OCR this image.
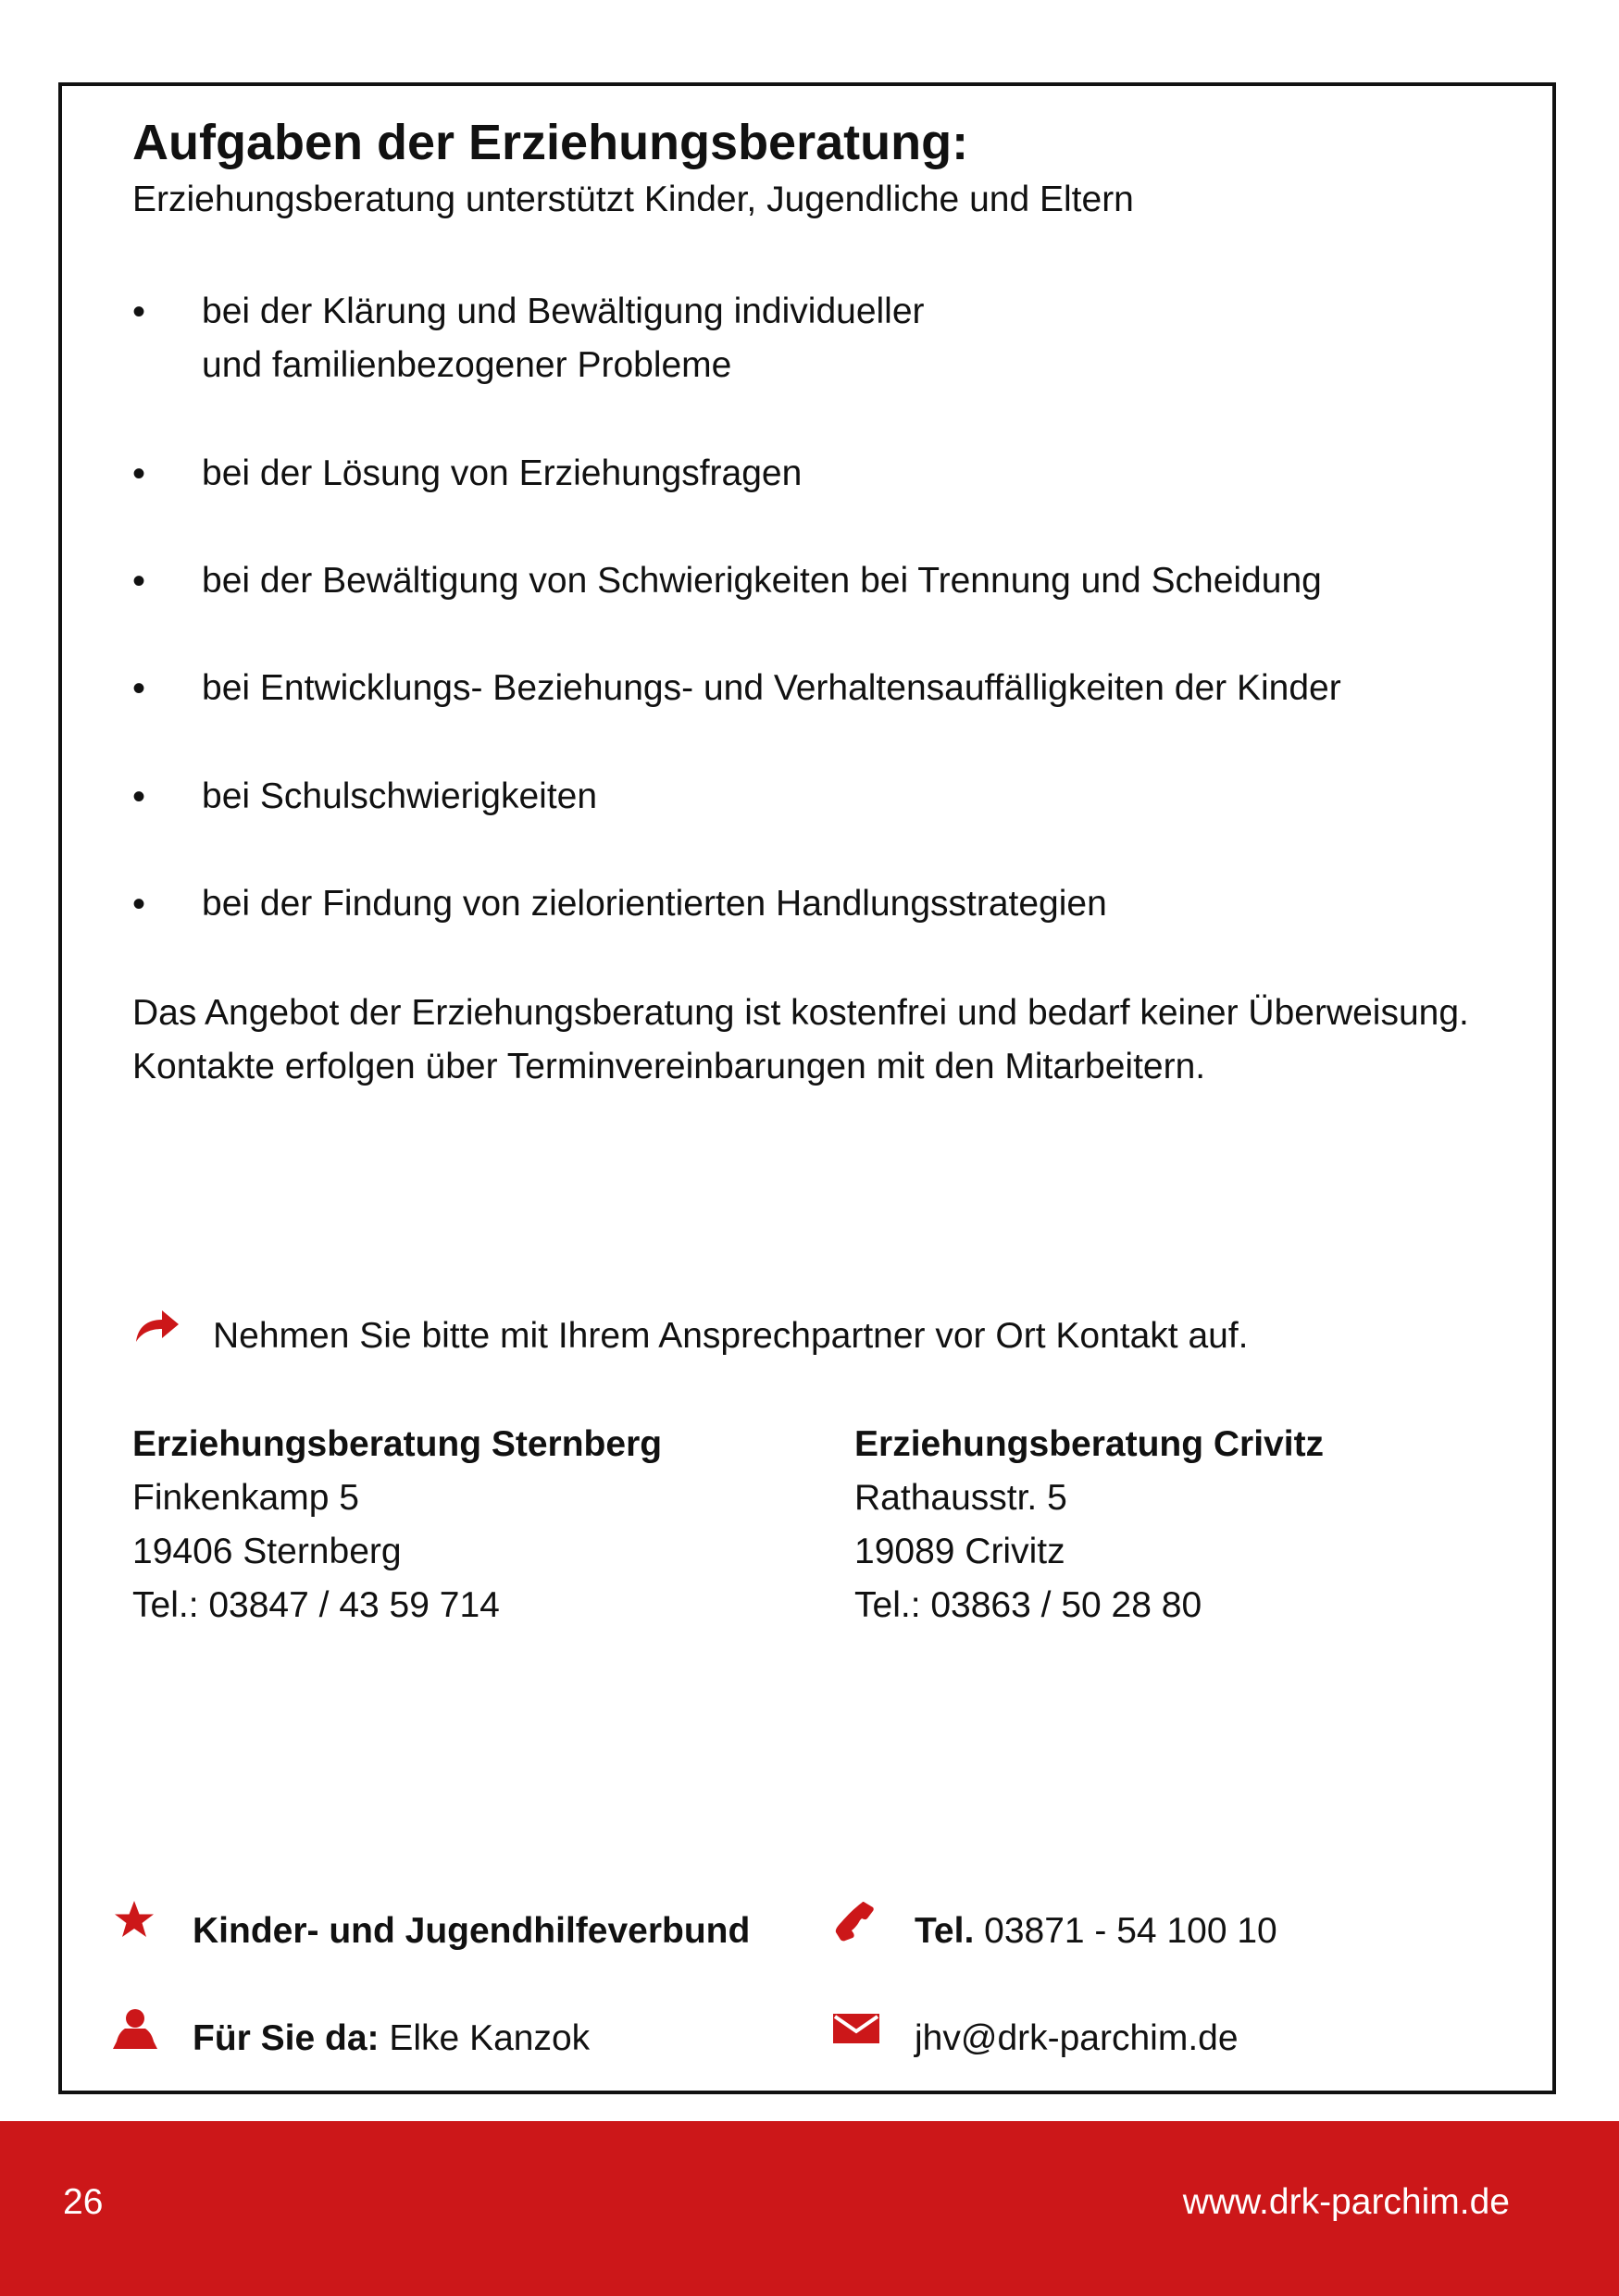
Aufgaben der Erziehungsberatung:
Erziehungsberatung unterstützt Kinder, Jugendliche und Eltern
• bei der Klärung und Bewältigung individueller
und familienbezogener Probleme
• bei der Lösung von Erziehungsfragen
• bei der Bewältigung von Schwierigkeiten bei Trennung und Scheidung
• bei Entwicklungs- Beziehungs- und Verhaltensauffälligkeiten der Kinder
• bei Schulschwierigkeiten
• bei der Findung von zielorientierten Handlungsstrategien
Das Angebot der Erziehungsberatung ist kostenfrei und bedarf keiner Überweisung.
Kontakte erfolgen über Terminvereinbarungen mit den Mitarbeitern.
Nehmen Sie bitte mit Ihrem Ansprechpartner vor Ort Kontakt auf.
Erziehungsberatung Sternberg
Finkenkamp 5
19406 Sternberg
Tel.: 03847 / 43 59 714
Erziehungsberatung Crivitz
Rathausstr. 5
19089 Crivitz
Tel.: 03863 / 50 28 80
Kinder- und Jugendhilfeverbund
Für Sie da: Elke Kanzok
Tel. 03871 - 54 100 10
jhv@drk-parchim.de
26	www.drk-parchim.de
